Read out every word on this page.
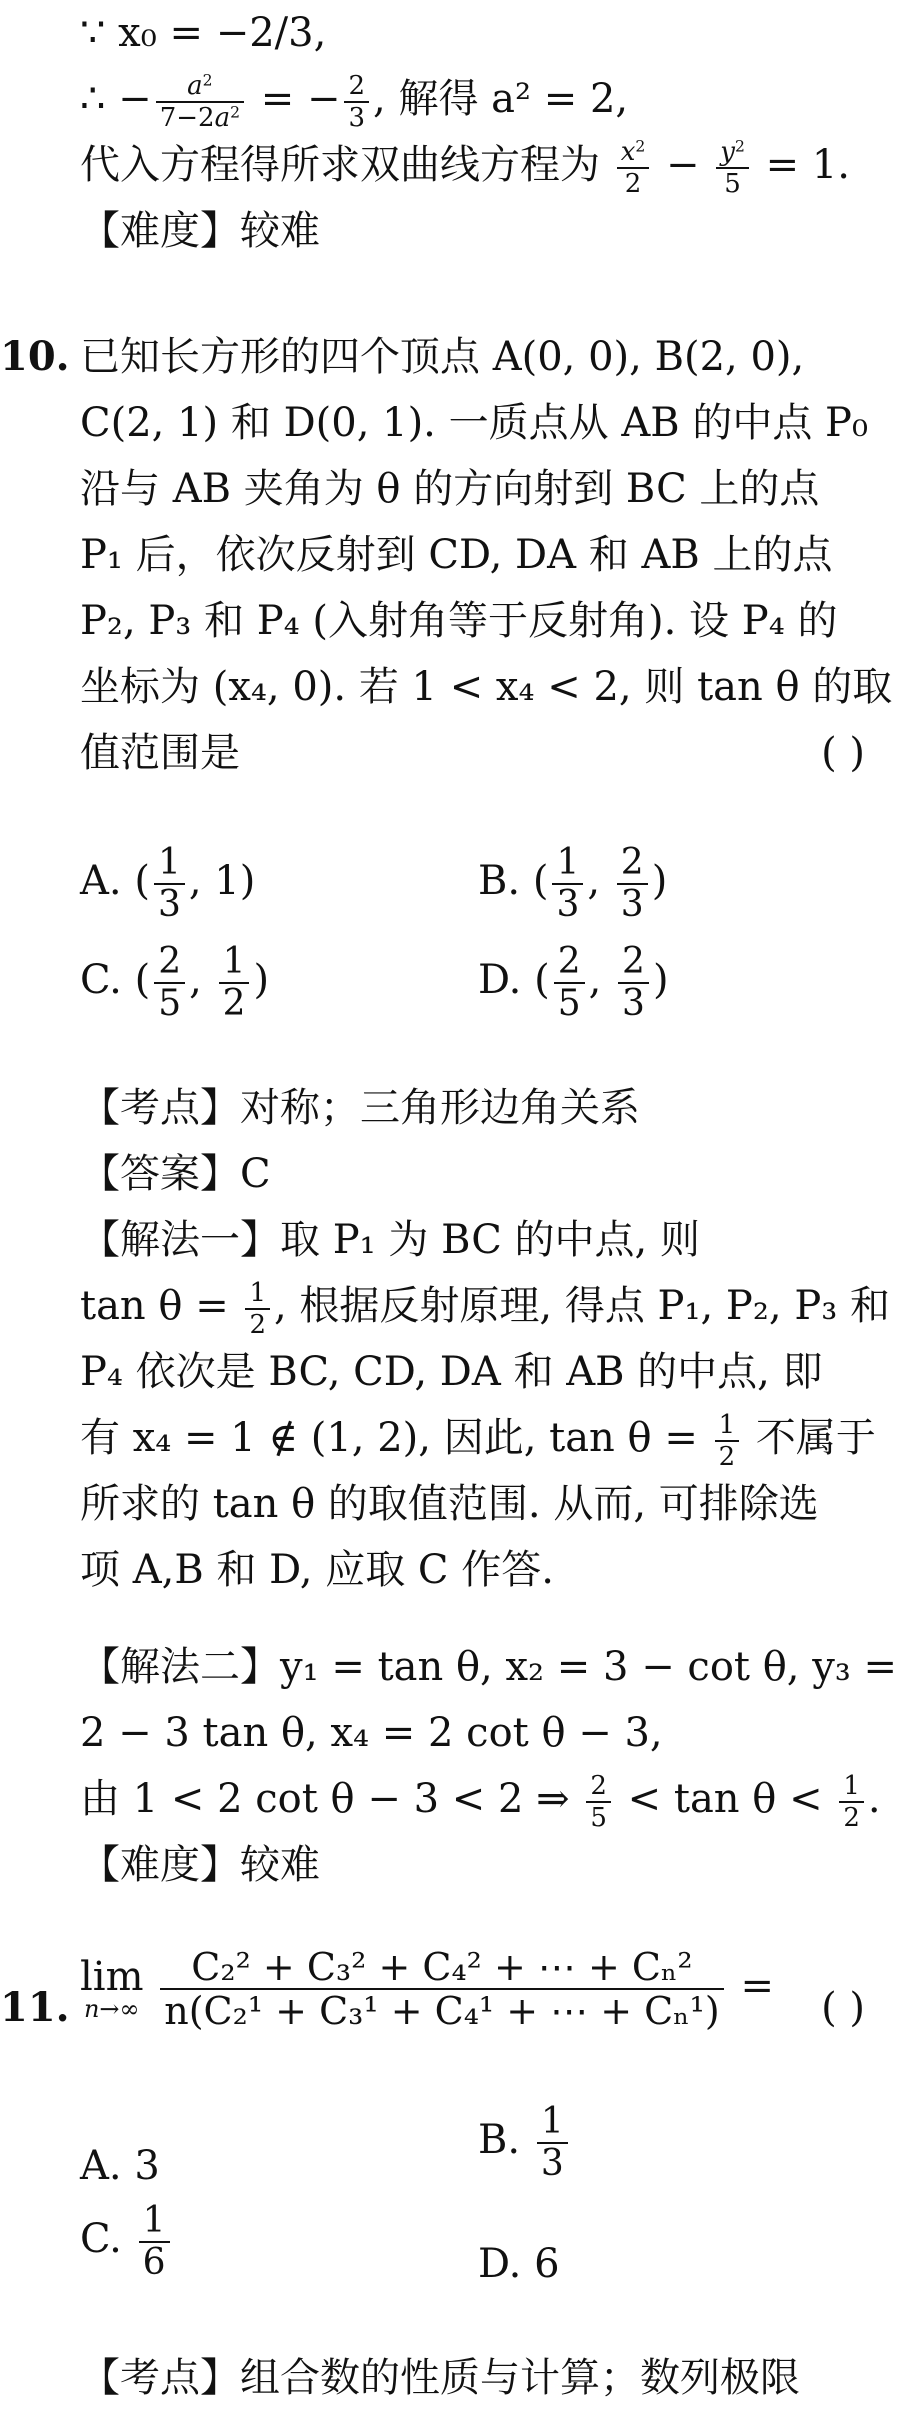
∵ x₀ = −2/3,
∴ − $\frac{a^2}{7-2a^2}$ = − $\frac{2}{3}$ , 解得 a² = 2,
代入方程得所求双曲线方程为 $\frac{x^2}{2} - \frac{y^2}{5} = 1$.
【难度】较难
10. 已知长方形的四个顶点 A(0, 0), B(2, 0),
C(2, 1) 和 D(0, 1). 一质点从 AB 的中点 P₀
沿与 AB 夹角为 θ 的方向射到 BC 上的点
P₁ 后，依次反射到 CD, DA 和 AB 上的点
P₂, P₃ 和 P₄ (入射角等于反射角). 设 P₄ 的
坐标为 (x₄, 0). 若 1 < x₄ < 2, 则 tan θ 的取
值范围是	( )
A. ( $\frac{1}{3}$ , 1)	B. ( $\frac{1}{3}$ , $\frac{2}{3}$ )
C. ( $\frac{2}{5}$ , $\frac{1}{2}$ )	D. ( $\frac{2}{5}$ , $\frac{2}{3}$ )
【考点】对称；三角形边角关系
【答案】C
【解法一】取 P₁ 为 BC 的中点, 则
$\tan \theta = \frac{1}{2}$ , 根据反射原理, 得点 P₁, P₂, P₃ 和
P₄ 依次是 BC, CD, DA 和 AB 的中点, 即
有 x₄ = 1 ∉ (1, 2), 因此, $\tan \theta = \frac{1}{2}$ 不属于
所求的 tan θ 的取值范围. 从而, 可排除选
项 A,B 和 D, 应取 C 作答.
【解法二】y₁ = tan θ, x₂ = 3 − cot θ, y₃ =
2 − 3 tan θ, x₄ = 2 cot θ − 3,
由 1 < 2 cot θ − 3 < 2 ⇒ $\frac{2}{5} < \tan \theta < \frac{1}{2}$ .
【难度】较难
11.
lim
n→∞
$\frac{\text{C₂² + C₃² + C₄² + ⋯ + Cₙ²}}{\text{n(C₂¹ + C₃¹ + C₄¹ + ⋯ + Cₙ¹)}}$ = ( )
A. 3
B. $\frac{1}{3}$
C. $\frac{1}{6}$	D. 6
【考点】组合数的性质与计算；数列极限
